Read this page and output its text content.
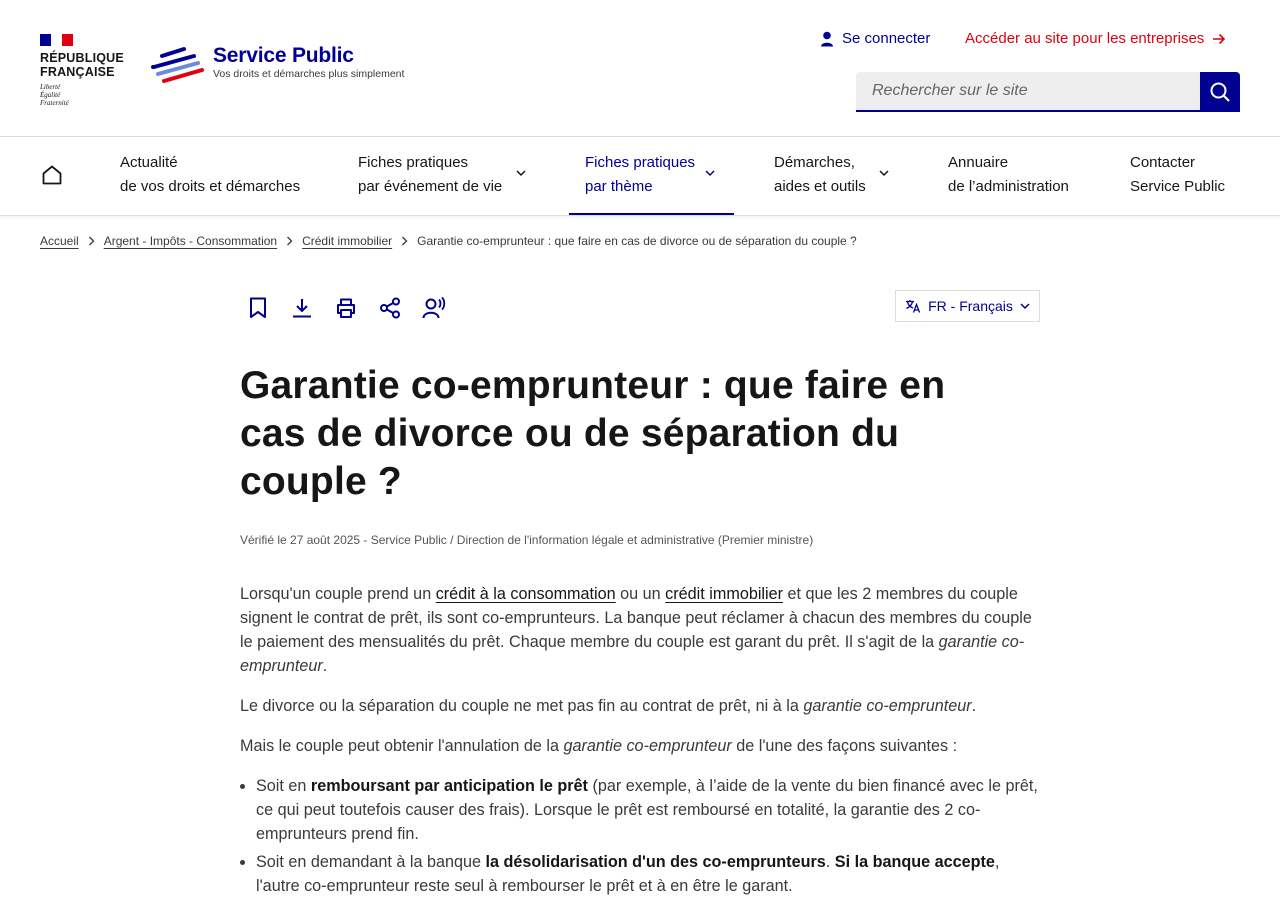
RÉPUBLIQUE
FRANÇAISE
Liberté
Égalité
Fraternité
Service Public
Vos droits et démarches plus simplement
Se connecter Accéder au site pour les entreprises
Rechercher sur le site
Actualité
de vos droits et démarches
Fiches pratiques
par événement de vie
Fiches pratiques
par thème
Démarches,
aides et outils
Annuaire
de l’administration
Contacter
Service Public
Accueil Argent - Impôts - Consommation Crédit immobilier Garantie co-emprunteur : que faire en cas de divorce ou de séparation du couple ?
FR - Français
Garantie co-emprunteur : que faire en cas de divorce ou de séparation du couple ?
Vérifié le 27 août 2025 - Service Public / Direction de l'information légale et administrative (Premier ministre)

Lorsqu'un couple prend un crédit à la consommation ou un crédit immobilier et que les 2 membres du couple signent le contrat de prêt, ils sont co-emprunteurs. La banque peut réclamer à chacun des membres du couple le paiement des mensualités du prêt. Chaque membre du couple est garant du prêt. Il s'agit de la garantie co-emprunteur.

Le divorce ou la séparation du couple ne met pas fin au contrat de prêt, ni à la garantie co-emprunteur.

Mais le couple peut obtenir l'annulation de la garantie co-emprunteur de l'une des façons suivantes :

• Soit en remboursant par anticipation le prêt (par exemple, à l’aide de la vente du bien financé avec le prêt, ce qui peut toutefois causer des frais). Lorsque le prêt est remboursé en totalité, la garantie des 2 co-emprunteurs prend fin.
• Soit en demandant à la banque la désolidarisation d'un des co-emprunteurs. Si la banque accepte, l'autre co-emprunteur reste seul à rembourser le prêt et à en être le garant.
